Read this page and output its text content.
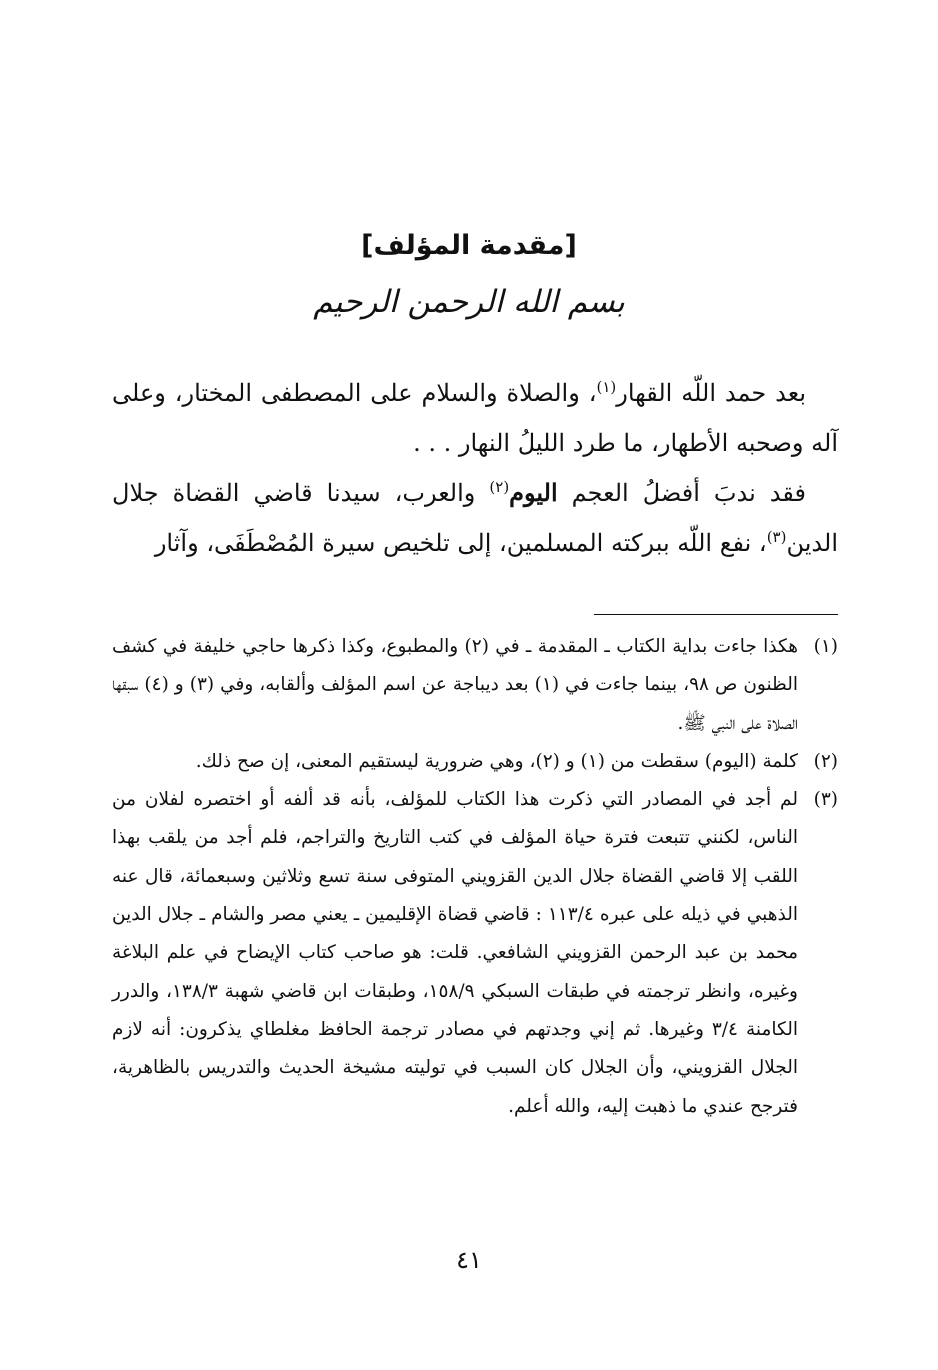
[مقدمة المؤلف]
بسم الله الرحمن الرحيم
بعد حمد اللّه القهار$^{(١)}$، والصلاة والسلام على المصطفى المختار، وعلى آله وصحبه الأطهار، ما طرد الليلُ النهار . . .
فقد ندبَ أفضلُ العجم اليوم$^{(٢)}$ والعرب، سيدنا قاضي القضاة جلال الدين$^{(٣)}$، نفع اللّه ببركته المسلمين، إلى تلخيص سيرة المُصْطَفَى، وآثار
(١)
هكذا جاءت بداية الكتاب ـ المقدمة ـ في (٢) والمطبوع، وكذا ذكرها حاجي خليفة في كشف الظنون ص ٩٨، بينما جاءت في (١) بعد ديباجة عن اسم المؤلف وألقابه، وفي (٣) و (٤) سبقها الصلاة على النبي ﷺ.
(٢)
كلمة (اليوم) سقطت من (١) و (٢)، وهي ضرورية ليستقيم المعنى، إن صح ذلك.
(٣)
لم أجد في المصادر التي ذكرت هذا الكتاب للمؤلف، بأنه قد ألفه أو اختصره لفلان من الناس، لكنني تتبعت فترة حياة المؤلف في كتب التاريخ والتراجم، فلم أجد من يلقب بهذا اللقب إلا قاضي القضاة جلال الدين القزويني المتوفى سنة تسع وثلاثين وسبعمائة، قال عنه الذهبي في ذيله على عبره ١١٣/٤ : قاضي قضاة الإقليمين ـ يعني مصر والشام ـ جلال الدين محمد بن عبد الرحمن القزويني الشافعي. قلت: هو صاحب كتاب الإيضاح في علم البلاغة وغيره، وانظر ترجمته في طبقات السبكي ١٥٨/٩، وطبقات ابن قاضي شهبة ١٣٨/٣، والدرر الكامنة ٣/٤ وغيرها. ثم إني وجدتهم في مصادر ترجمة الحافظ مغلطاي يذكرون: أنه لازم الجلال القزويني، وأن الجلال كان السبب في توليته مشيخة الحديث والتدريس بالظاهرية، فترجح عندي ما ذهبت إليه، والله أعلم.
٤١
